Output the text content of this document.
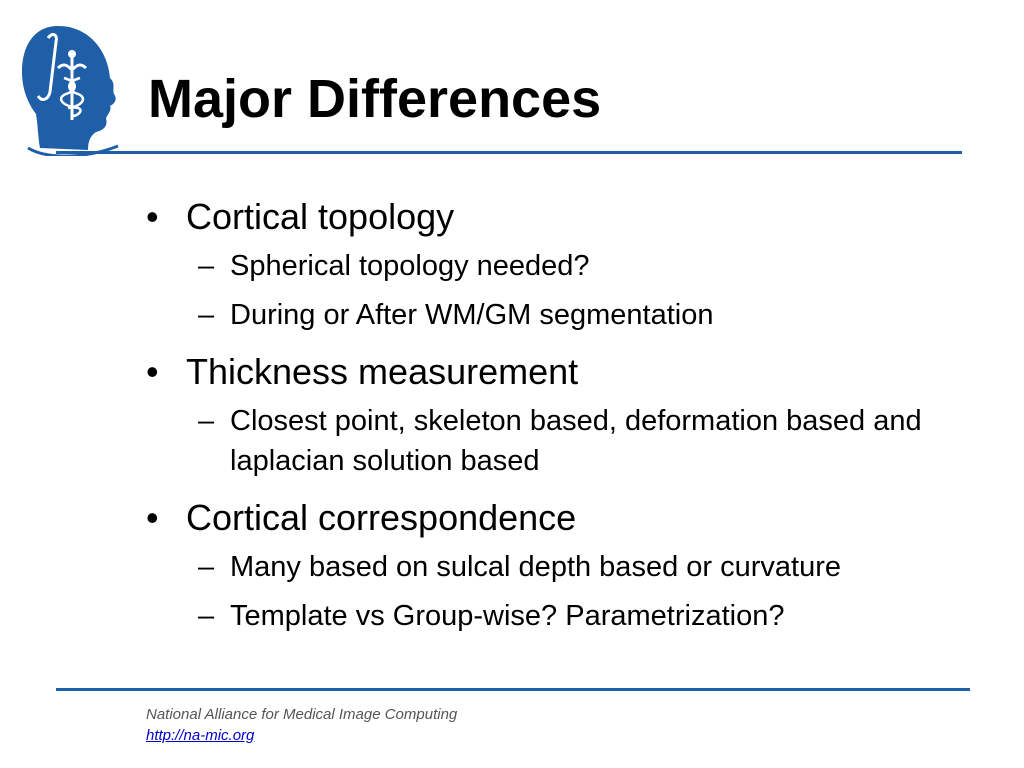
Major Differences
• Cortical topology
– Spherical topology needed?
– During or After WM/GM segmentation
• Thickness measurement
– Closest point, skeleton based, deformation based and laplacian solution based
• Cortical correspondence
– Many based on sulcal depth based or curvature
– Template vs Group-wise? Parametrization?
National Alliance for Medical Image Computing
http://na-mic.org
